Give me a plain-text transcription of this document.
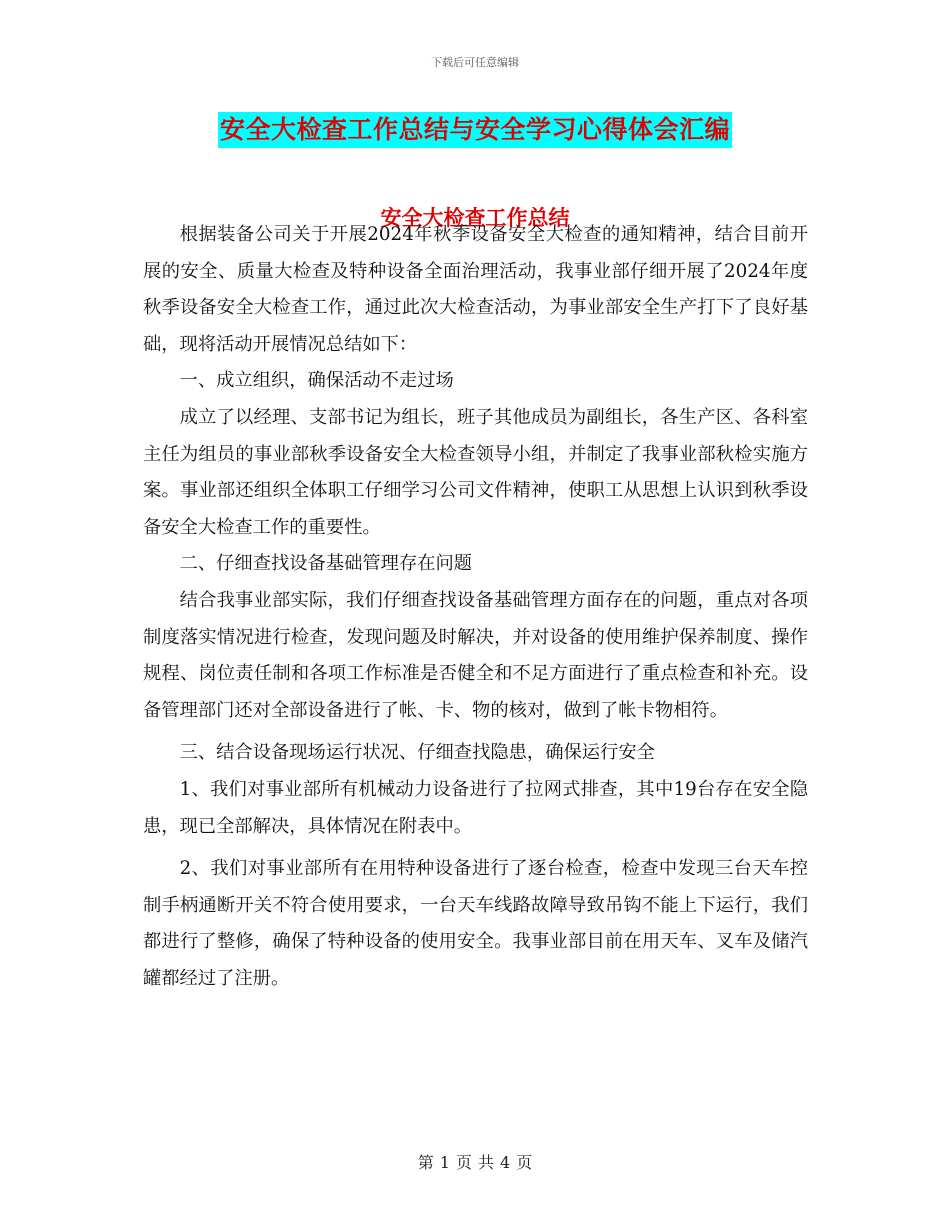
下载后可任意编辑
安全大检查工作总结与安全学习心得体会汇编
安全大检查工作总结

根据装备公司关于开展2024年秋季设备安全大检查的通知精神，结合目前开展的安全、质量大检查及特种设备全面治理活动，我事业部仔细开展了2024年度秋季设备安全大检查工作，通过此次大检查活动，为事业部安全生产打下了良好基础，现将活动开展情况总结如下：

一、成立组织，确保活动不走过场

成立了以经理、支部书记为组长，班子其他成员为副组长，各生产区、各科室主任为组员的事业部秋季设备安全大检查领导小组，并制定了我事业部秋检实施方案。事业部还组织全体职工仔细学习公司文件精神，使职工从思想上认识到秋季设备安全大检查工作的重要性。

二、仔细查找设备基础管理存在问题

结合我事业部实际，我们仔细查找设备基础管理方面存在的问题，重点对各项制度落实情况进行检查，发现问题及时解决，并对设备的使用维护保养制度、操作规程、岗位责任制和各项工作标准是否健全和不足方面进行了重点检查和补充。设备管理部门还对全部设备进行了帐、卡、物的核对，做到了帐卡物相符。

三、结合设备现场运行状况、仔细查找隐患，确保运行安全

1、我们对事业部所有机械动力设备进行了拉网式排查，其中19台存在安全隐患，现已全部解决，具体情况在附表中。

2、我们对事业部所有在用特种设备进行了逐台检查，检查中发现三台天车控制手柄通断开关不符合使用要求，一台天车线路故障导致吊钩不能上下运行，我们都进行了整修，确保了特种设备的使用安全。我事业部目前在用天车、叉车及储汽罐都经过了注册。

第 1 页 共 4 页
